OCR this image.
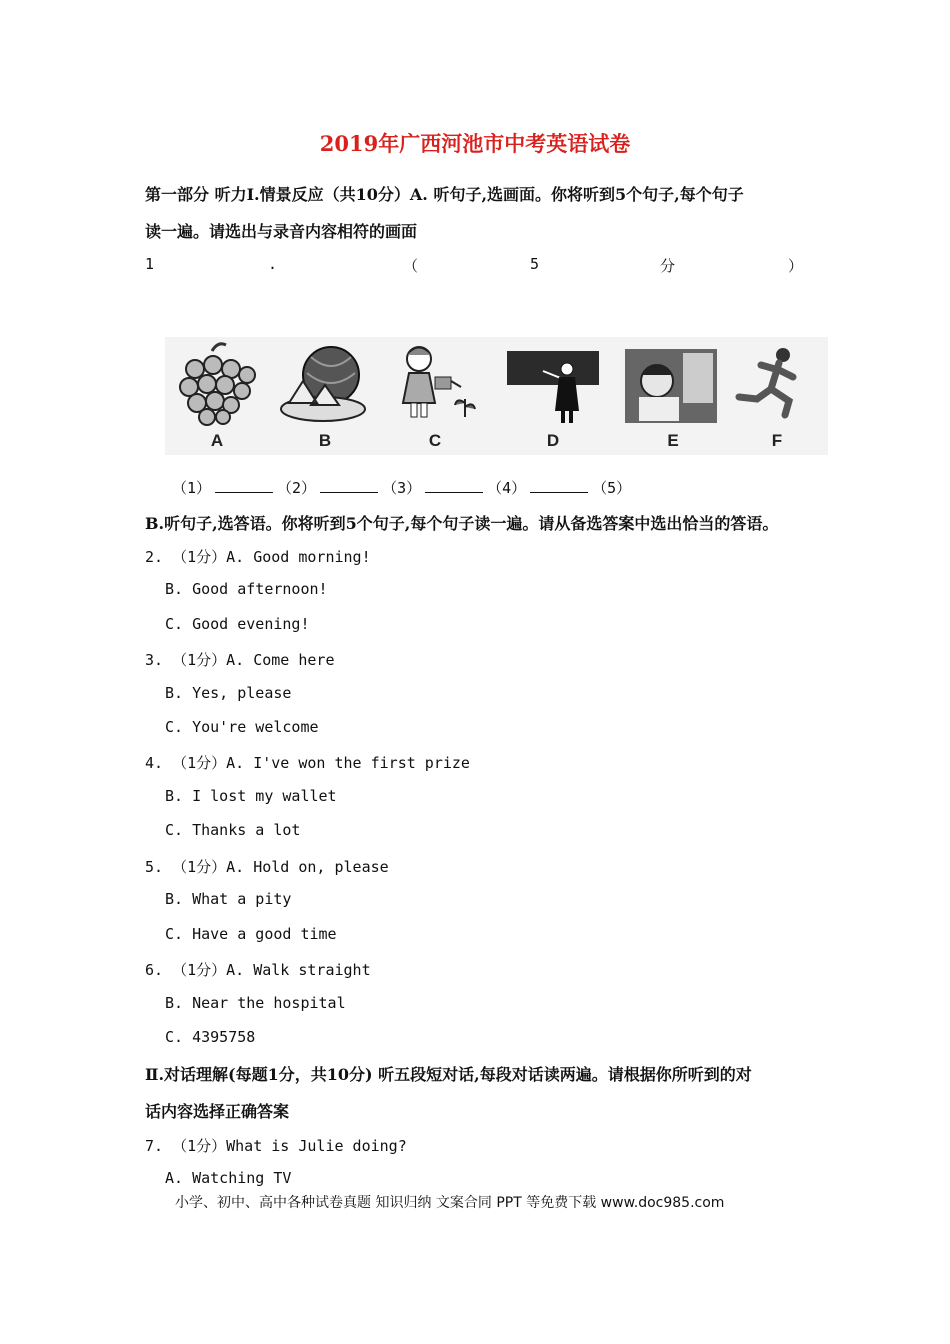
2019年广西河池市中考英语试卷
第一部分 听力Ⅰ.情景反应（共10分）A. 听句子,选画面。你将听到5个句子,每个句子
读一遍。请选出与录音内容相符的画面
1	.	（	5	分	）
A	B	C	D	E	F
（1）	（2）	（3）	（4）	（5）
B.听句子,选答语。你将听到5个句子,每个句子读一遍。请从备选答案中选出恰当的答语。
2. （1分）A. Good morning!
B. Good afternoon!
C. Good evening!
3. （1分）A. Come here
B. Yes, please
C. You're welcome
4. （1分）A. I've won the first prize
B. I lost my wallet
C. Thanks a lot
5. （1分）A. Hold on, please
B. What a pity
C. Have a good time
6. （1分）A. Walk straight
B. Near the hospital
C. 4395758
Ⅱ.对话理解(每题1分，共10分) 听五段短对话,每段对话读两遍。请根据你所听到的对
话内容选择正确答案
7. （1分）What is Julie doing?
A. Watching TV
小学、初中、高中各种试卷真题 知识归纳 文案合同 PPT 等免费下载 www.doc985.com
